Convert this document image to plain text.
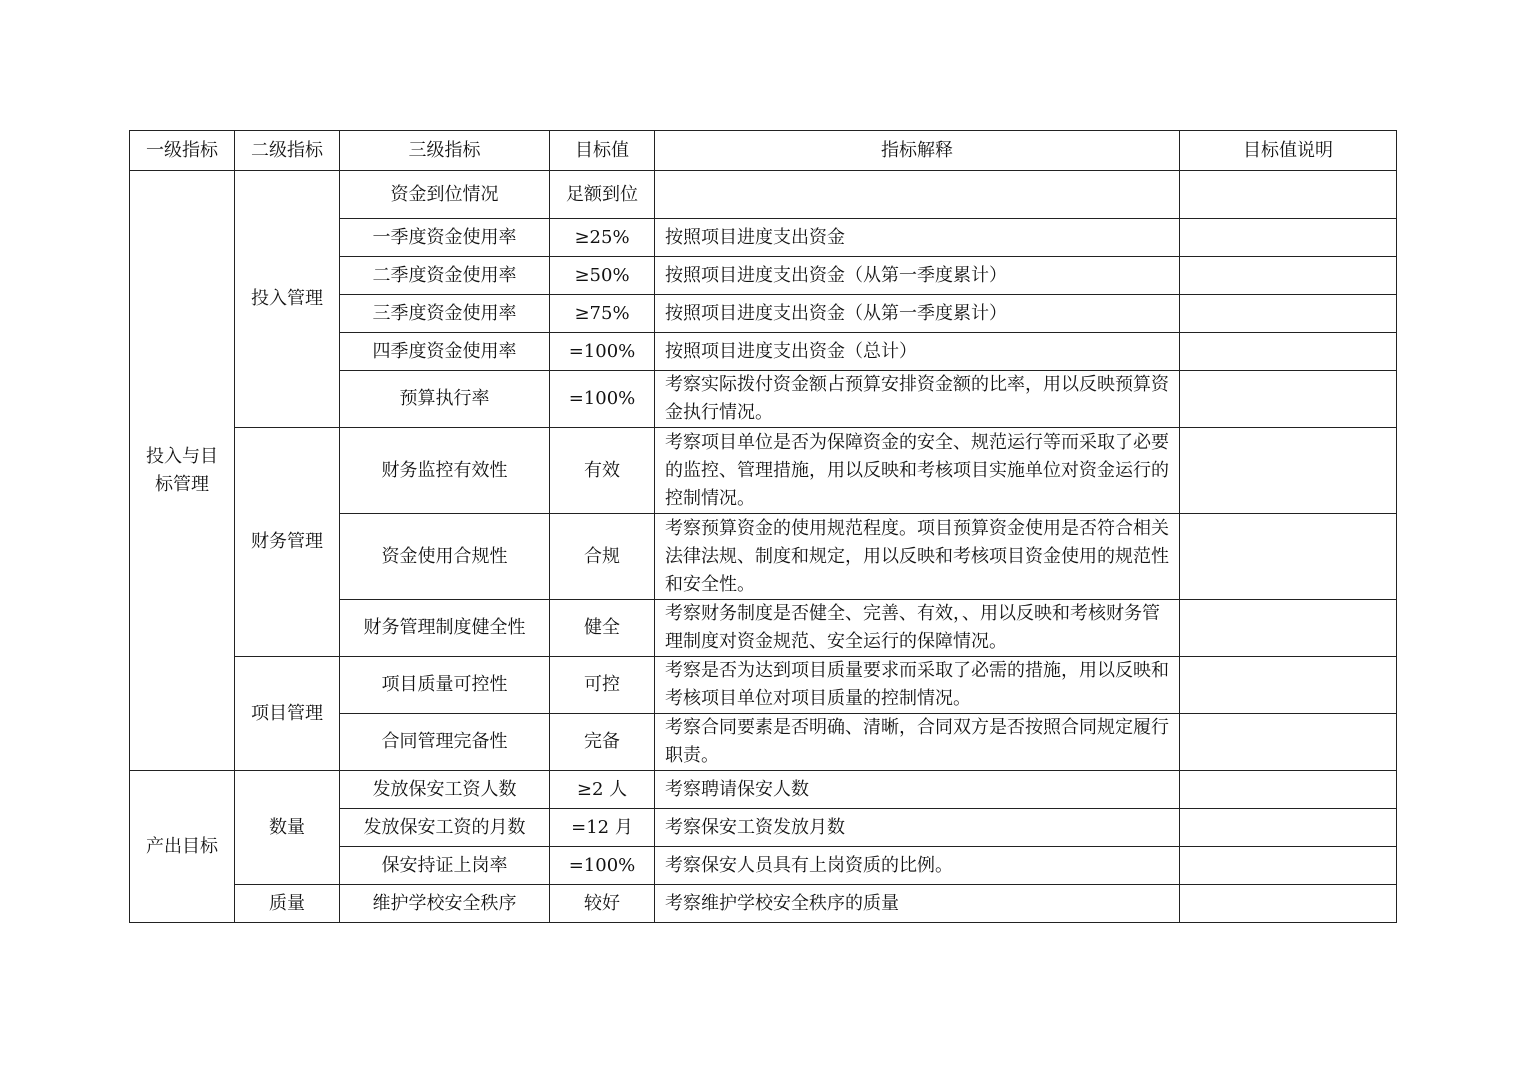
一级指标	二级指标	三级指标	目标值	指标解释	目标值说明
投入与目标管理	投入管理	资金到位情况	足额到位		
		一季度资金使用率	≥25%	按照项目进度支出资金	
		二季度资金使用率	≥50%	按照项目进度支出资金（从第一季度累计）	
		三季度资金使用率	≥75%	按照项目进度支出资金（从第一季度累计）	
		四季度资金使用率	=100%	按照项目进度支出资金（总计）	
		预算执行率	=100%	考察实际拨付资金额占预算安排资金额的比率，用以反映预算资金执行情况。	
	财务管理	财务监控有效性	有效	考察项目单位是否为保障资金的安全、规范运行等而采取了必要的监控、管理措施，用以反映和考核项目实施单位对资金运行的控制情况。	
		资金使用合规性	合规	考察预算资金的使用规范程度。项目预算资金使用是否符合相关法律法规、制度和规定，用以反映和考核项目资金使用的规范性和安全性。	
		财务管理制度健全性	健全	考察财务制度是否健全、完善、有效，、用以反映和考核财务管理制度对资金规范、安全运行的保障情况。	
	项目管理	项目质量可控性	可控	考察是否为达到项目质量要求而采取了必需的措施，用以反映和考核项目单位对项目质量的控制情况。	
		合同管理完备性	完备	考察合同要素是否明确、清晰，合同双方是否按照合同规定履行职责。	
产出目标	数量	发放保安工资人数	≥2 人	考察聘请保安人数	
		发放保安工资的月数	=12 月	考察保安工资发放月数	
		保安持证上岗率	=100%	考察保安人员具有上岗资质的比例。	
	质量	维护学校安全秩序	较好	考察维护学校安全秩序的质量	
